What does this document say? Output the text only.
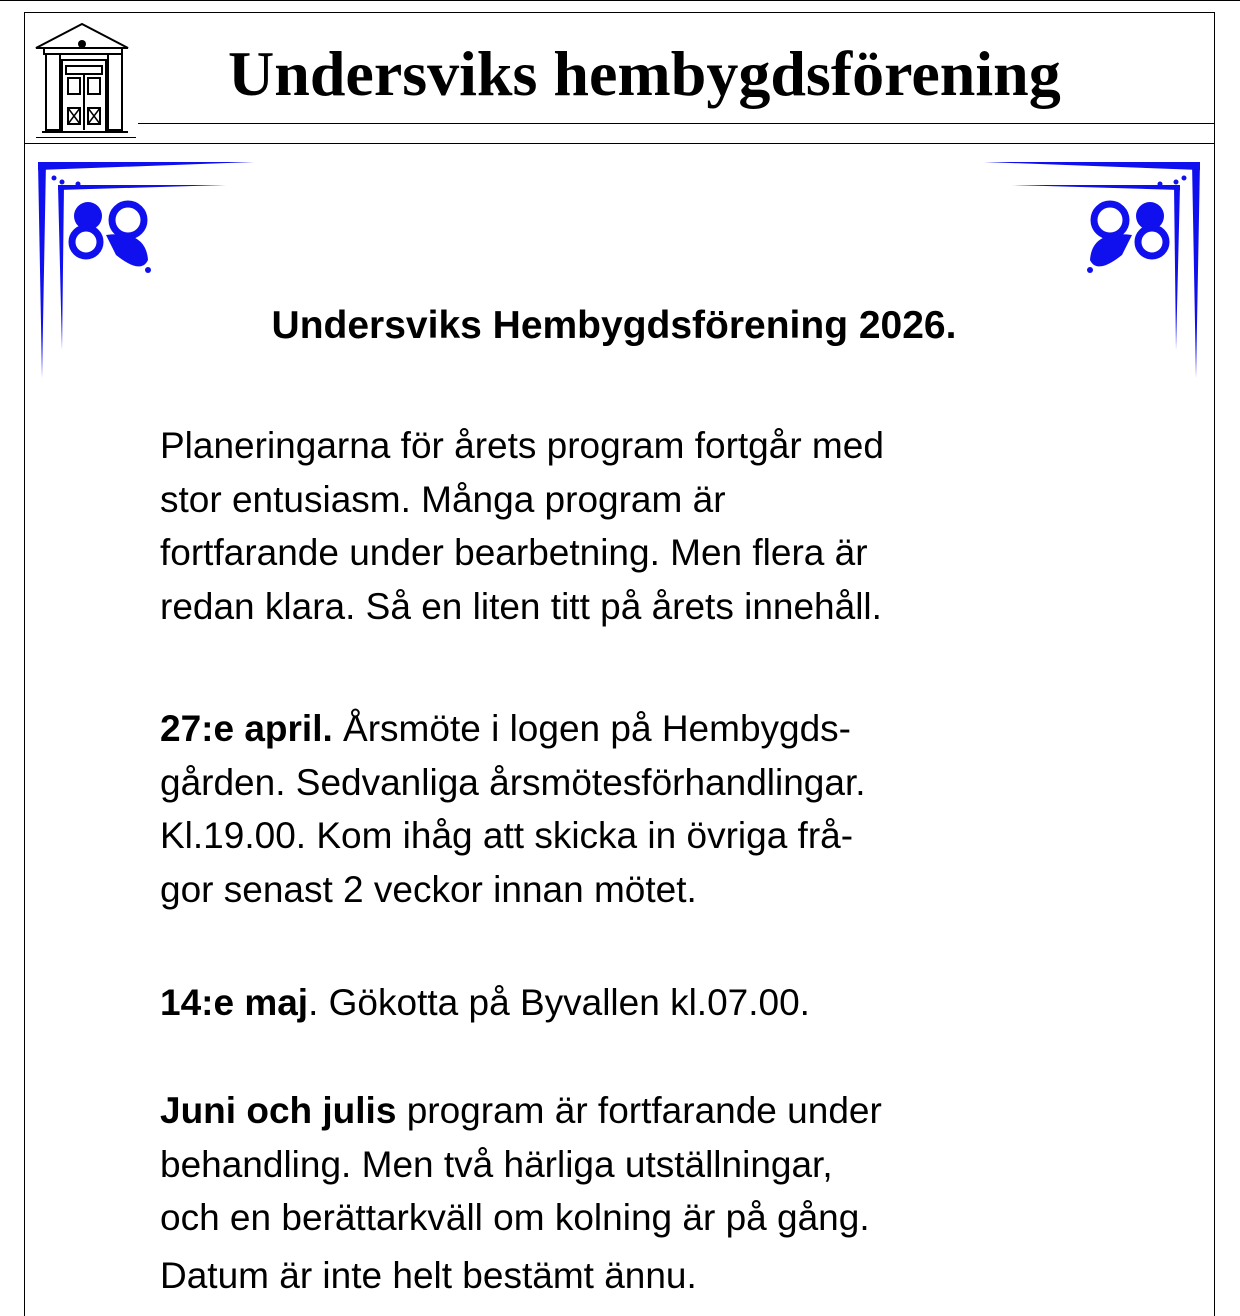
Undersviks hembygdsförening
Undersviks Hembygdsförening 2026.
Planeringarna för årets program fortgår med
stor entusiasm. Många program är
fortfarande under bearbetning. Men flera är
redan klara. Så en liten titt på årets innehåll.
27:e april. Årsmöte i logen på Hembygds-
gården. Sedvanliga årsmötesförhandlingar.
Kl.19.00. Kom ihåg att skicka in övriga frå-
gor senast 2 veckor innan mötet.
14:e maj. Gökotta på Byvallen kl.07.00.
Juni och julis program är fortfarande under
behandling. Men två härliga utställningar,
och en berättarkväll om kolning är på gång.
Datum är inte helt bestämt ännu.
